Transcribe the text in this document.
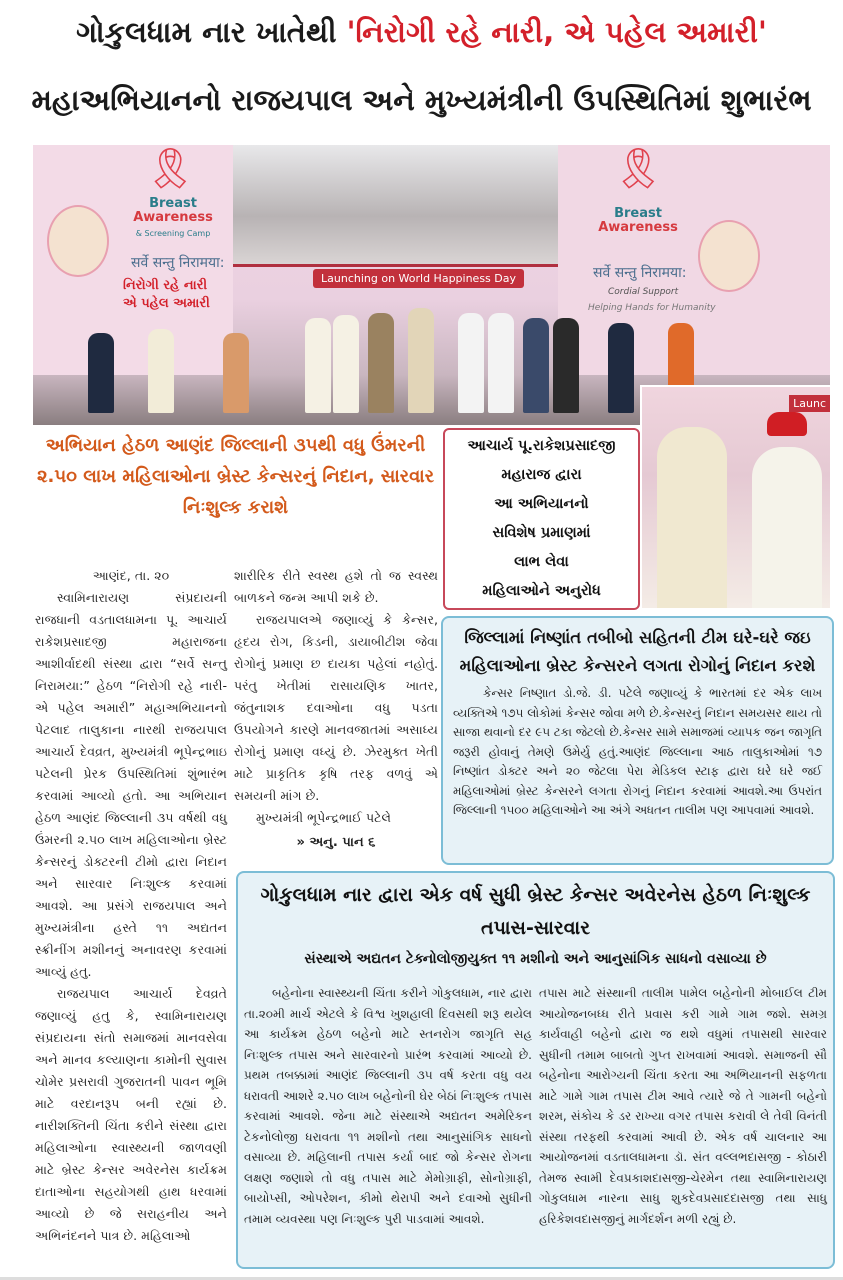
ગોકુલધામ નાર ખાતેથી 'નિરોગી રહે નારી, એ પહેલ અમારી'
મહાઅભિયાનનો રાજયપાલ અને મુખ્યમંત્રીની ઉપસ્થિતિમાં શુભારંભ
🎗
Breast
Awareness
& Screening Camp
सर्वे सन्तु निरामया:
Launching on World Happiness Day
🎗
Breast
Awareness
सर्वे सन्तु निरामया:
Cordial Support
Helping Hands for Humanity
નિરોગી રહે નારી
એ પહેલ અમારી
Launc
અભિયાન હેઠળ આણંદ જિલ્લાની ૩૫થી વધુ ઉંમરની ૨.૫૦ લાખ મહિલાઓના બ્રેસ્ટ કેન્સરનું નિદાન, સારવાર નિઃશુલ્ક કરાશે
આચાર્ય પૂ.રાકેશપ્રસાદજી
મહારાજ દ્વારા
આ અભિયાનનો
સવિશેષ પ્રમાણમાં
લાભ લેવા
મહિલાઓને અનુરોધ

આણંદ, તા. ૨૦

સ્વામિનારાયણ સંપ્રદાયની રાજધાની વડતાલધામના પૂ. આચાર્ય રાકેશપ્રસાદજી મહારાજના આશીર્વાદથી સંસ્થા દ્વારા “સર્વે સન્તુ નિરામયા:” હેઠળ “નિરોગી રહે નારી- એ પહેલ અમારી” મહાઅભિયાનનો પેટલાદ તાલુકાના નારથી રાજયપાલ આચાર્ય દેવવ્રત, મુખ્યમંત્રી ભૂપેન્દ્રભાઇ પટેલની પ્રેરક ઉપસ્થિતિમાં શુંભારંભ કરવામાં આવ્યો હતો. આ અભિયાન હેઠળ આણંદ જિલ્લાની ૩૫ વર્ષથી વધુ ઉંમરની ૨.૫૦ લાખ મહિલાઓના બ્રેસ્ટ કેન્સરનું ડોક્ટરની ટીમો દ્વારા નિદાન અને સારવાર નિઃશુલ્ક કરવામાં આવશે. આ પ્રસંગે રાજયપાલ અને મુખ્યમંત્રીના હસ્તે ૧૧ અદ્યતન સ્ક્રીનીંગ મશીનનું અનાવરણ કરવામાં આવ્યું હતુ.

રાજયપાલ આચાર્ય દેવવ્રતે જણાવ્યું હતુ કે, સ્વામિનારાયણ સંપ્રદાયના સંતો સમાજમાં માનવસેવા અને માનવ કલ્યાણના કામોની સુવાસ ચોમેર પ્રસરાવી ગુજરાતની પાવન ભૂમિ માટે વરદાનરૂપ બની રહ્યાં છે. નારીશક્તિની ચિંતા કરીને સંસ્થા દ્વારા મહિલાઓના સ્વાસ્થ્યની જાળવણી માટે બ્રેસ્ટ કેન્સર અવેરનેસ કાર્યક્રમ દાતાઓના સહયોગથી હાથ ધરવામાં આવ્યો છે જે સરાહનીય અને અભિનંદનને પાત્ર છે. મહિલાઓ

શારીરિક રીતે સ્વસ્થ હશે તો જ સ્વસ્થ બાળકને જન્મ આપી શકે છે.

રાજયપાલએ જણાવ્યું કે કેન્સર, હૃદય રોગ, કિડની, ડાયાબીટીશ જેવા રોગોનું પ્રમાણ છ દાયકા પહેલાં નહોતું. પરંતુ ખેતીમાં રાસાયણિક ખાતર, જંતુનાશક દવાઓના વધુ પડતા ઉપયોગને કારણે માનવજાતમાં અસાધ્ય રોગોનું પ્રમાણ વધ્યું છે. ઝેરમુક્ત ખેતી માટે પ્રાકૃતિક કૃષિ તરફ વળવું એ સમયની માંગ છે.

મુખ્યમંત્રી ભૂપેન્દ્રભાઈ પટેલે

» અનુ. પાન ૬
જિલ્લામાં નિષ્ણાંત તબીબો સહિતની ટીમ ઘરે-ઘરે જઇ મહિલાઓના બ્રેસ્ટ કેન્સરને લગતા રોગોનું નિદાન કરશે

કેન્સર નિષ્ણાત ડો.જે. ડી. પટેલે જણાવ્યું કે ભારતમાં દર એક લાખ વ્યક્તિએ ૧૭૫ લોકોમાં કેન્સર જોવા મળે છે.કેન્સરનું નિદાન સમયસર થાય તો સાજા થવાનો દર ૯૫ ટકા જેટલો છે.કેન્સર સામે સમાજમાં વ્યાપક જન જાગૃતિ જરૂરી હોવાનું તેમણે ઉમેર્યુ હતું.આણંદ જિલ્લાના આઠ તાલુકાઓમાં ૧૭ નિષ્ણાંત ડોક્ટર અને ૨૦ જેટલા પેરા મેડિકલ સ્ટાફ દ્વારા ઘરે ઘરે જઈ મહિલાઓમાં બ્રેસ્ટ કેન્સરને લગતા રોગનું નિદાન કરવામાં આવશે.આ ઉપરાંત જિલ્લાની ૧૫૦૦ મહિલાઓને આ અંગે અધતન તાલીમ પણ આપવામાં આવશે.

ગોકુલધામ નાર દ્વારા એક વર્ષ સુધી બ્રેસ્ટ કેન્સર અવેરનેસ હેઠળ નિઃશુલ્ક તપાસ-સારવાર
સંસ્થાએ અદ્યતન ટેક્નોલોજીયુક્ત ૧૧ મશીનો અને આનુસાંગિક સાધનો વસાવ્યા છે

બહેનોના સ્વાસ્થ્યની ચિંતા કરીને ગોકુલધામ, નાર દ્વારા તા.૨૦મી માર્ચ એટલે કે વિશ્વ ખુશહાલી દિવસથી શરૂ થયેલ આ કાર્યક્રમ હેઠળ બહેનો માટે સ્તનરોગ જાગૃતિ સહ નિઃશુલ્ક તપાસ અને સારવારનો પ્રારંભ કરવામાં આવ્યો છે. પ્રથમ તબક્કામાં આણંદ જિલ્લાની ૩૫ વર્ષ કરતા વધુ વય ધરાવતી આશરે ૨.૫૦ લાખ બહેનોની ઘેર બેઠાં નિઃશુલ્ક તપાસ કરવામાં આવશે. જેના માટે સંસ્થાએ અદ્યતન અમેરિકન ટેકનોલોજી ધરાવતા ૧૧ મશીનો તથા આનુસાંગિક સાધનો વસાવ્યા છે. મહિલાની તપાસ કર્યા બાદ જો કેન્સર રોગના લક્ષણ જણાશે તો વધુ તપાસ માટે મેમોગ્રાફી, સોનોગ્રાફી, બાયોપ્સી, ઓપરેશન, કીમો થેરાપી અને દવાઓ સુધીની તમામ વ્યવસ્થા પણ નિઃશુલ્ક પુરી પાડવામાં આવશે.

તપાસ માટે સંસ્થાની તાલીમ પામેલ બહેનોની મોબાઈલ ટીમ આયોજનબધ્ધ રીતે પ્રવાસ કરી ગામે ગામ જશે. સમગ્ર કાર્યવાહી બહેનો દ્વારા જ થશે વધુમાં તપાસથી સારવાર સુધીની તમામ બાબતો ગુપ્ત રાખવામાં આવશે. સમાજની સૌ બહેનોના આરોગ્યની ચિંતા કરતા આ અભિયાનની સફળતા માટે ગામે ગામ તપાસ ટીમ આવે ત્યારે જે તે ગામની બહેનો શરમ, સંકોચ કે ડર રાખ્યા વગર તપાસ કરાવી લે તેવી વિનંતી સંસ્થા તરફથી કરવામાં આવી છે. એક વર્ષ ચાલનાર આ આયોજનમાં વડતાલધામના ડૉ. સંત વલ્લભદાસજી - કોઠારી તેમજ સ્વામી દેવપ્રકાશદાસજી-ચેરમેન તથા સ્વામિનારાયણ ગોકુલધામ નારના સાધુ શુકદેવપ્રસાદદાસજી તથા સાધુ હરિકેશવદાસજીનું માર્ગદર્શન મળી રહ્યું છે.
